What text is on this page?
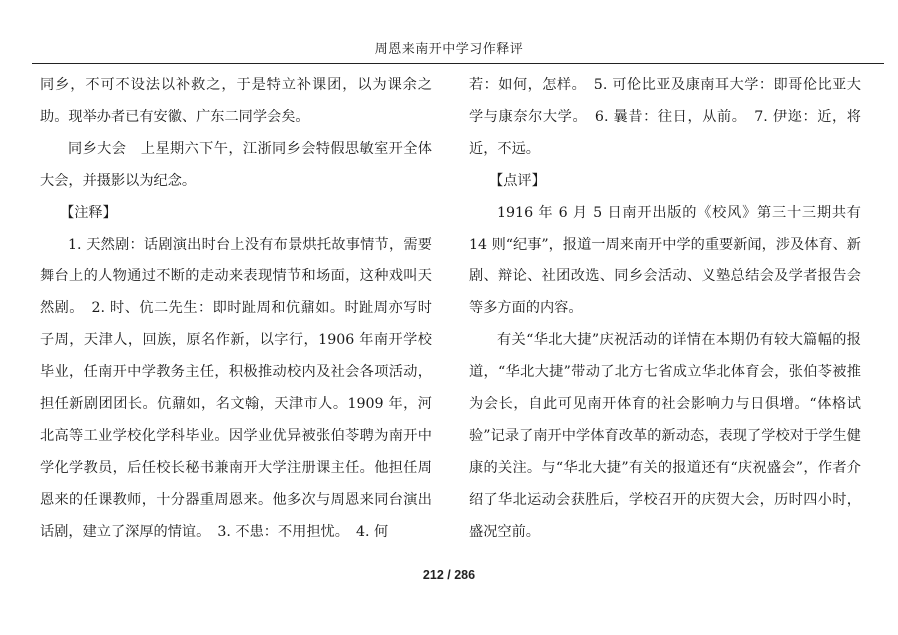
周恩来南开中学习作释评

同乡，不可不设法以补救之，于是特立补课团，以为课余之助。现举办者已有安徽、广东二同学会矣。

同乡大会　上星期六下午，江浙同乡会特假思敏室开全体大会，并摄影以为纪念。

【注释】

1. 天然剧：话剧演出时台上没有布景烘托故事情节，需要舞台上的人物通过不断的走动来表现情节和场面，这种戏叫天然剧。　2. 时、伉二先生：即时趾周和伉鼐如。时趾周亦写时子周，天津人，回族，原名作新，以字行，1906 年南开学校毕业，任南开中学教务主任，积极推动校内及社会各项活动，担任新剧团团长。伉鼐如，名文翰，天津市人。1909 年，河北高等工业学校化学科毕业。因学业优异被张伯苓聘为南开中学化学教员，后任校长秘书兼南开大学注册课主任。他担任周恩来的任课教师，十分器重周恩来。他多次与周恩来同台演出话剧，建立了深厚的情谊。　3. 不患：不用担忧。　4. 何

若：如何，怎样。　5. 可伦比亚及康南耳大学：即哥伦比亚大学与康奈尔大学。　6. 曩昔：往日，从前。　7. 伊迩：近，将近，不远。

【点评】

1916 年 6 月 5 日南开出版的《校风》第三十三期共有 14 则“纪事”，报道一周来南开中学的重要新闻，涉及体育、新剧、辩论、社团改选、同乡会活动、义塾总结会及学者报告会等多方面的内容。

有关“华北大捷”庆祝活动的详情在本期仍有较大篇幅的报道，“华北大捷”带动了北方七省成立华北体育会，张伯苓被推为会长，自此可见南开体育的社会影响力与日俱增。“体格试验”记录了南开中学体育改革的新动态，表现了学校对于学生健康的关注。与“华北大捷”有关的报道还有“庆祝盛会”，作者介绍了华北运动会获胜后，学校召开的庆贺大会，历时四小时，盛况空前。

212 / 286
